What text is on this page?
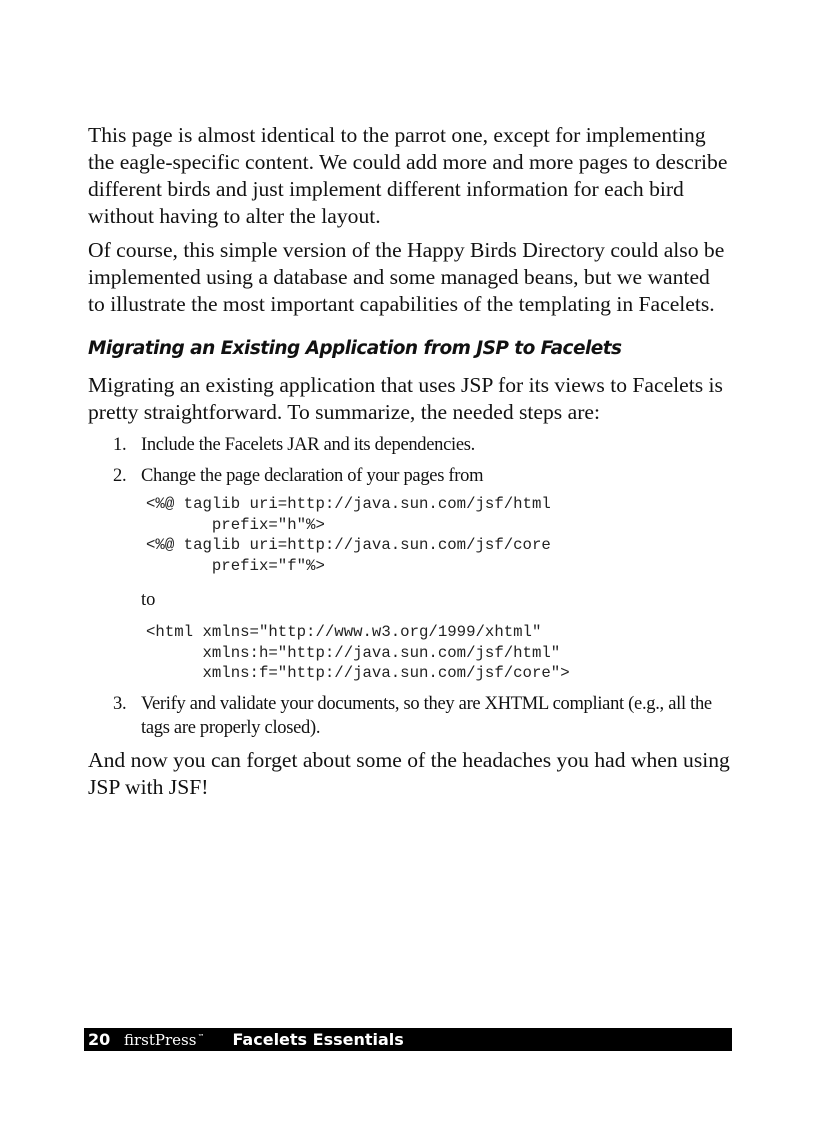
This page is almost identical to the parrot one, except for implementing the eagle-specific content. We could add more and more pages to describe different birds and just implement different information for each bird without having to alter the layout.

Of course, this simple version of the Happy Birds Directory could also be implemented using a database and some managed beans, but we wanted to illustrate the most important capabilities of the templating in Facelets.

Migrating an Existing Application from JSP to Facelets

Migrating an existing application that uses JSP for its views to Facelets is pretty straightforward. To summarize, the needed steps are:

1. Include the Facelets JAR and its dependencies.
2. Change the page declaration of your pages from
<%@ taglib uri=http://java.sun.com/jsf/html
prefix="h"%>
<%@ taglib uri=http://java.sun.com/jsf/core
prefix="f"%>
to
<html xmlns="http://www.w3.org/1999/xhtml"
xmlns:h="http://java.sun.com/jsf/html"
xmlns:f="http://java.sun.com/jsf/core">
3. Verify and validate your documents, so they are XHTML compliant (e.g., all the tags are properly closed).

And now you can forget about some of the headaches you had when using JSP with JSF!

20 firstPress™ Facelets Essentials
